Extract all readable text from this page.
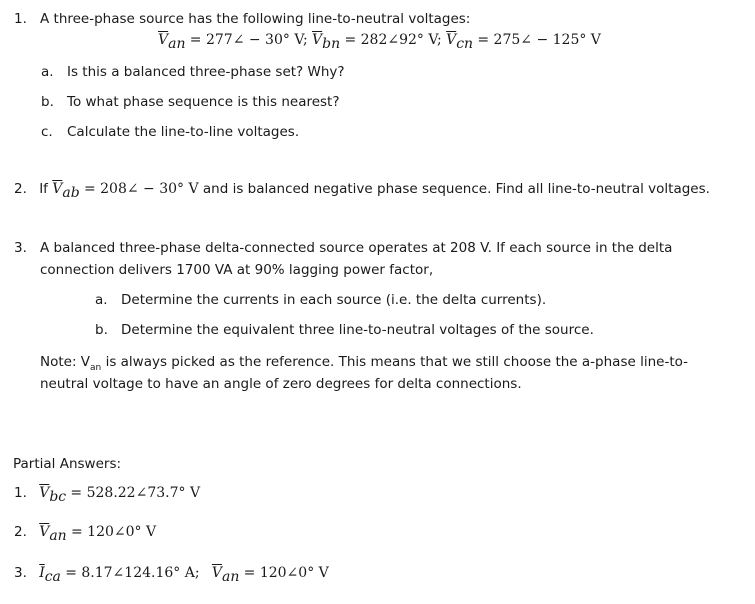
1. A three-phase source has the following line-to-neutral voltages:
$\overline{V}_{an}$ = 277∠ − 30° V; $\overline{V}_{bn}$ = 282∠92° V; $\overline{V}_{cn}$ = 275∠ − 125° V
a. Is this a balanced three-phase set? Why?
b. To what phase sequence is this nearest?
c. Calculate the line-to-line voltages.
2. If $\overline{V}_{ab}$ = 208∠ − 30° V and is balanced negative phase sequence. Find all line-to-neutral voltages.
3. A balanced three-phase delta-connected source operates at 208 V. If each source in the delta
connection delivers 1700 VA at 90% lagging power factor,
a. Determine the currents in each source (i.e. the delta currents).
b. Determine the equivalent three line-to-neutral voltages of the source.
Note: $V_{an}$ is always picked as the reference. This means that we still choose the a-phase line-to-
neutral voltage to have an angle of zero degrees for delta connections.
Partial Answers:
1. $\overline{V}_{bc}$ = 528.22∠73.7° V
2. $\overline{V}_{an}$ = 120∠0° V
3. $\overline{I}_{ca}$ = 8.17∠124.16° A; $\overline{V}_{an}$ = 120∠0° V
